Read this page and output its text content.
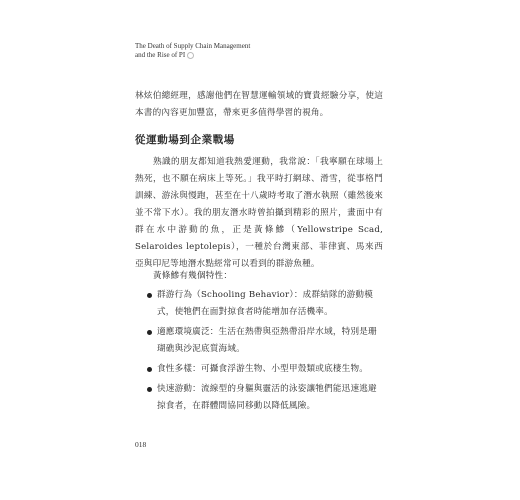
The Death of Supply Chain Management
and the Rise of PI

林炫伯總經理，感謝他們在智慧運輸領域的寶貴經驗分享，使這本書的內容更加豐富，帶來更多值得學習的視角。

從運動場到企業戰場

熟識的朋友都知道我熱愛運動，我常說：「我寧願在球場上熱死，也不願在病床上等死。」我平時打網球、滑雪，從事格鬥訓練、游泳與慢跑，甚至在十八歲時考取了潛水執照（雖然後來並不常下水）。我的朋友潛水時曾拍攝到精彩的照片，畫面中有群在水中游動的魚，正是黃條鰺（Yellowstripe Scad, Selaroides leptolepis），一種於台灣東部、菲律賓、馬來西亞與印尼等地潛水點經常可以看到的群游魚種。

黃條鰺有幾個特性：

群游行為（Schooling Behavior）：成群結隊的游動模式，使牠們在面對掠食者時能增加存活機率。
適應環境廣泛：生活在熱帶與亞熱帶沿岸水域，特別是珊瑚礁與沙泥底質海域。
食性多樣：可攝食浮游生物、小型甲殼類或底棲生物。
快速游動：流線型的身軀與靈活的泳姿讓牠們能迅速逃避掠食者，在群體間協同移動以降低風險。
018
